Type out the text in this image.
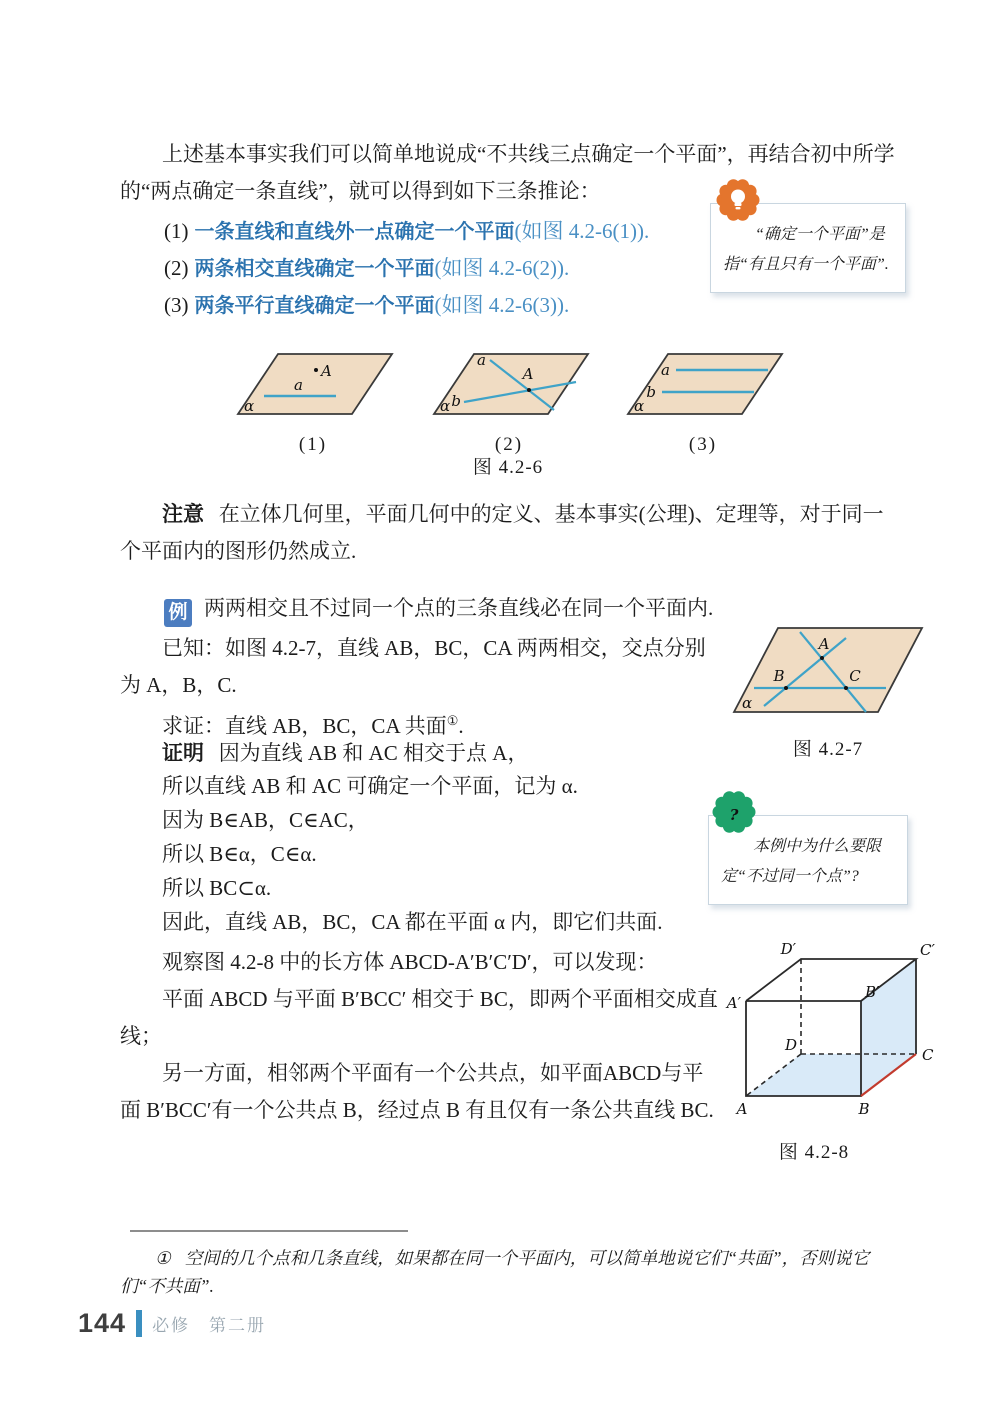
上述基本事实我们可以简单地说成“不共线三点确定一个平面”，再结合初中所学的“两点确定一条直线”，就可以得到如下三条推论：

(1) 一条直线和直线外一点确定一个平面(如图 4.2-6(1)).
(2) 两条相交直线确定一个平面(如图 4.2-6(2)).
(3) 两条平行直线确定一个平面(如图 4.2-6(3)).
“确定一个平面”是指“有且只有一个平面”.
A
a
α
(1)
A
a
b
α
(2)
a
b
α
(3)
图 4.2-6

注意 在立体几何里，平面几何中的定义、基本事实(公理)、定理等，对于同一个平面内的图形仍然成立.

例 两两相交且不过同一个点的三条直线必在同一个平面内.

已知：如图 4.2-7，直线 AB，BC，CA 两两相交，交点分别为 A，B，C.

求证：直线 AB，BC，CA 共面①.

证明 因为直线 AB 和 AC 相交于点 A，

所以直线 AB 和 AC 可确定一个平面，记为 α.

因为 B∈AB，C∈AC，

所以 B∈α，C∈α.

所以 BC⊂α.

因此，直线 AB，BC，CA 都在平面 α 内，即它们共面.

A
B	C
α
图 4.2-7
?
本例中为什么要限定“不过同一个点”?

观察图 4.2-8 中的长方体 ABCD-A′B′C′D′，可以发现：

平面 ABCD 与平面 B′BCC′ 相交于 BC，即两个平面相交成直线；

另一方面，相邻两个平面有一个公共点，如平面ABCD与平面 B′BCC′有一个公共点 B，经过点 B 有且仅有一条公共直线 BC.	A	B
C
D
A′
B′
C′
D′
图 4.2-8

① 空间的几个点和几条直线，如果都在同一个平面内，可以简单地说它们“共面”，否则说它们“不共面”.

144 必修　第二册
